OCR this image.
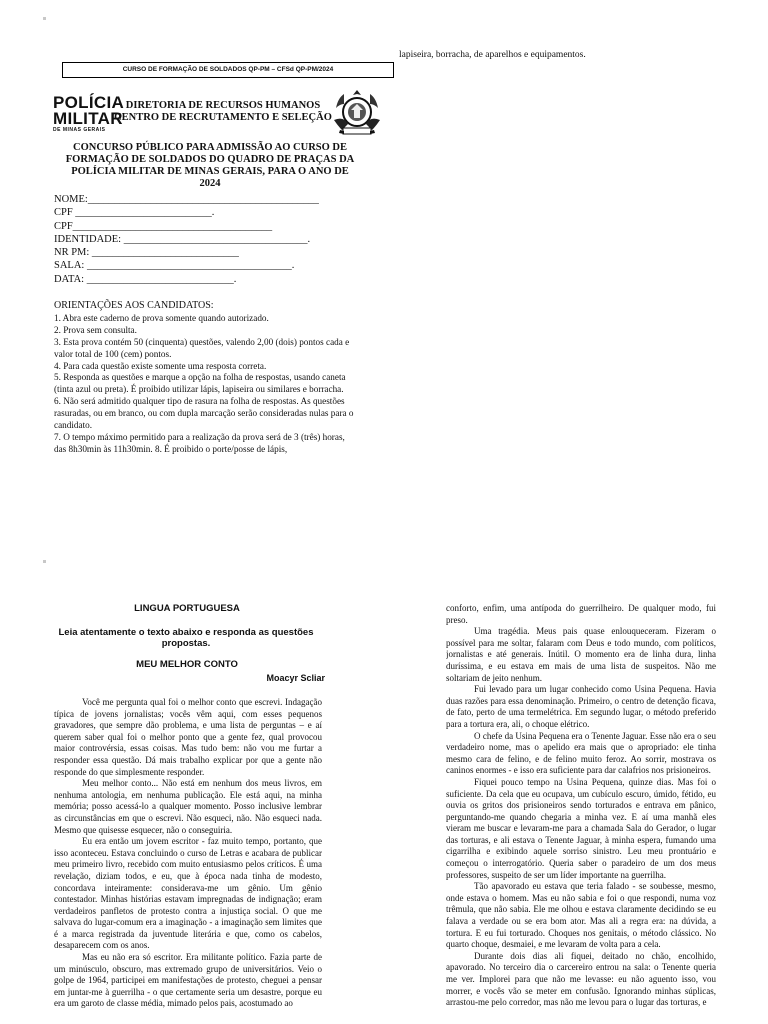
lapiseira, borracha, de aparelhos e equipamentos.
CURSO DE FORMAÇÃO DE SOLDADOS QP-PM – CFSd QP-PM/2024
POLÍCIA
MILITAR
DE MINAS GERAIS
DIRETORIA DE RECURSOS HUMANOS
CENTRO DE RECRUTAMENTO E SELEÇÃO
CONCURSO PÚBLICO PARA ADMISSÃO AO CURSO DE
FORMAÇÃO DE SOLDADOS DO QUADRO DE PRAÇAS DA
POLÍCIA MILITAR DE MINAS GERAIS, PARA O ANO DE 2024
NOME:____________________________________________
CPF __________________________.
CPF______________________________________
IDENTIDADE: ___________________________________.
NR PM: ____________________________
SALA: _______________________________________.
DATA: ____________________________.
ORIENTAÇÕES AOS CANDIDATOS:

1. Abra este caderno de prova somente quando autorizado.

2. Prova sem consulta.

3. Esta prova contém 50 (cinquenta) questões, valendo 2,00 (dois) pontos cada e valor total de 100 (cem) pontos.

4. Para cada questão existe somente uma resposta correta.

5. Responda as questões e marque a opção na folha de respostas, usando caneta (tinta azul ou preta). É proibido utilizar lápis, lapiseira ou similares e borracha.

6. Não será admitido qualquer tipo de rasura na folha de respostas. As questões rasuradas, ou em branco, ou com dupla marcação serão consideradas nulas para o candidato.

7. O tempo máximo permitido para a realização da prova será de 3 (três) horas, das 8h30min às 11h30min. 8. É proibido o porte/posse de lápis,

LINGUA PORTUGUESA
Leia atentamente o texto abaixo e responda as questões
propostas.
MEU MELHOR CONTO
Moacyr Scliar

Você me pergunta qual foi o melhor conto que escrevi. Indagação típica de jovens jornalistas; vocês vêm aqui, com esses pequenos gravadores, que sempre dão problema, e uma lista de perguntas – e aí querem saber qual foi o melhor ponto que a gente fez, qual provocou maior controvérsia, essas coisas. Mas tudo bem: não vou me furtar a responder essa questão. Dá mais trabalho explicar por que a gente não responde do que simplesmente responder.

Meu melhor conto... Não está em nenhum dos meus livros, em nenhuma antologia, em nenhuma publicação. Ele está aqui, na minha memória; posso acessá-lo a qualquer momento. Posso inclusive lembrar as circunstâncias em que o escrevi. Não esqueci, não. Não esqueci nada. Mesmo que quisesse esquecer, não o conseguiria.

Eu era então um jovem escritor - faz muito tempo, portanto, que isso aconteceu. Estava concluindo o curso de Letras e acabara de publicar meu primeiro livro, recebido com muito entusiasmo pelos críticos. É uma revelação, diziam todos, e eu, que à época nada tinha de modesto, concordava inteiramente: considerava-me um gênio. Um gênio contestador. Minhas histórias estavam impregnadas de indignação; eram verdadeiros panfletos de protesto contra a injustiça social. O que me salvava do lugar-comum era a imaginação - a imaginação sem limites que é a marca registrada da juventude literária e que, como os cabelos, desaparecem com os anos.

Mas eu não era só escritor. Era militante político. Fazia parte de um minúsculo, obscuro, mas extremado grupo de universitários. Veio o golpe de 1964, participei em manifestações de protesto, cheguei a pensar em juntar-me à guerrilha - o que certamente seria um desastre, porque eu era um garoto de classe média, mimado pelos pais, acostumado ao

conforto, enfim, uma antípoda do guerrilheiro. De qualquer modo, fui preso.

Uma tragédia. Meus pais quase enlouqueceram. Fizeram o possível para me soltar, falaram com Deus e todo mundo, com políticos, jornalistas e até generais. Inútil. O momento era de linha dura, linha duríssima, e eu estava em mais de uma lista de suspeitos. Não me soltariam de jeito nenhum.

Fui levado para um lugar conhecido como Usina Pequena. Havia duas razões para essa denominação. Primeiro, o centro de detenção ficava, de fato, perto de uma termelétrica. Em segundo lugar, o método preferido para a tortura era, ali, o choque elétrico.

O chefe da Usina Pequena era o Tenente Jaguar. Esse não era o seu verdadeiro nome, mas o apelido era mais que o apropriado: ele tinha mesmo cara de felino, e de felino muito feroz. Ao sorrir, mostrava os caninos enormes - e isso era suficiente para dar calafrios nos prisioneiros.

Fiquei pouco tempo na Usina Pequena, quinze dias. Mas foi o suficiente. Da cela que eu ocupava, um cubículo escuro, úmido, fétido, eu ouvia os gritos dos prisioneiros sendo torturados e entrava em pânico, perguntando-me quando chegaria a minha vez. E aí uma manhã eles vieram me buscar e levaram-me para a chamada Sala do Gerador, o lugar das torturas, e ali estava o Tenente Jaguar, à minha espera, fumando uma cigarrilha e exibindo aquele sorriso sinistro. Leu meu prontuário e começou o interrogatório. Queria saber o paradeiro de um dos meus professores, suspeito de ser um líder importante na guerrilha.

Tão apavorado eu estava que teria falado - se soubesse, mesmo, onde estava o homem. Mas eu não sabia e foi o que respondi, numa voz trêmula, que não sabia. Ele me olhou e estava claramente decidindo se eu falava a verdade ou se era bom ator. Mas ali a regra era: na dúvida, a tortura. E eu fui torturado. Choques nos genitais, o método clássico. No quarto choque, desmaiei, e me levaram de volta para a cela.

Durante dois dias ali fiquei, deitado no chão, encolhido, apavorado. No terceiro dia o carcereiro entrou na sala: o Tenente queria me ver. Implorei para que não me levasse: eu não aguento isso, vou morrer, e vocês vão se meter em confusão. Ignorando minhas súplicas, arrastou-me pelo corredor, mas não me levou para o lugar das torturas, e
